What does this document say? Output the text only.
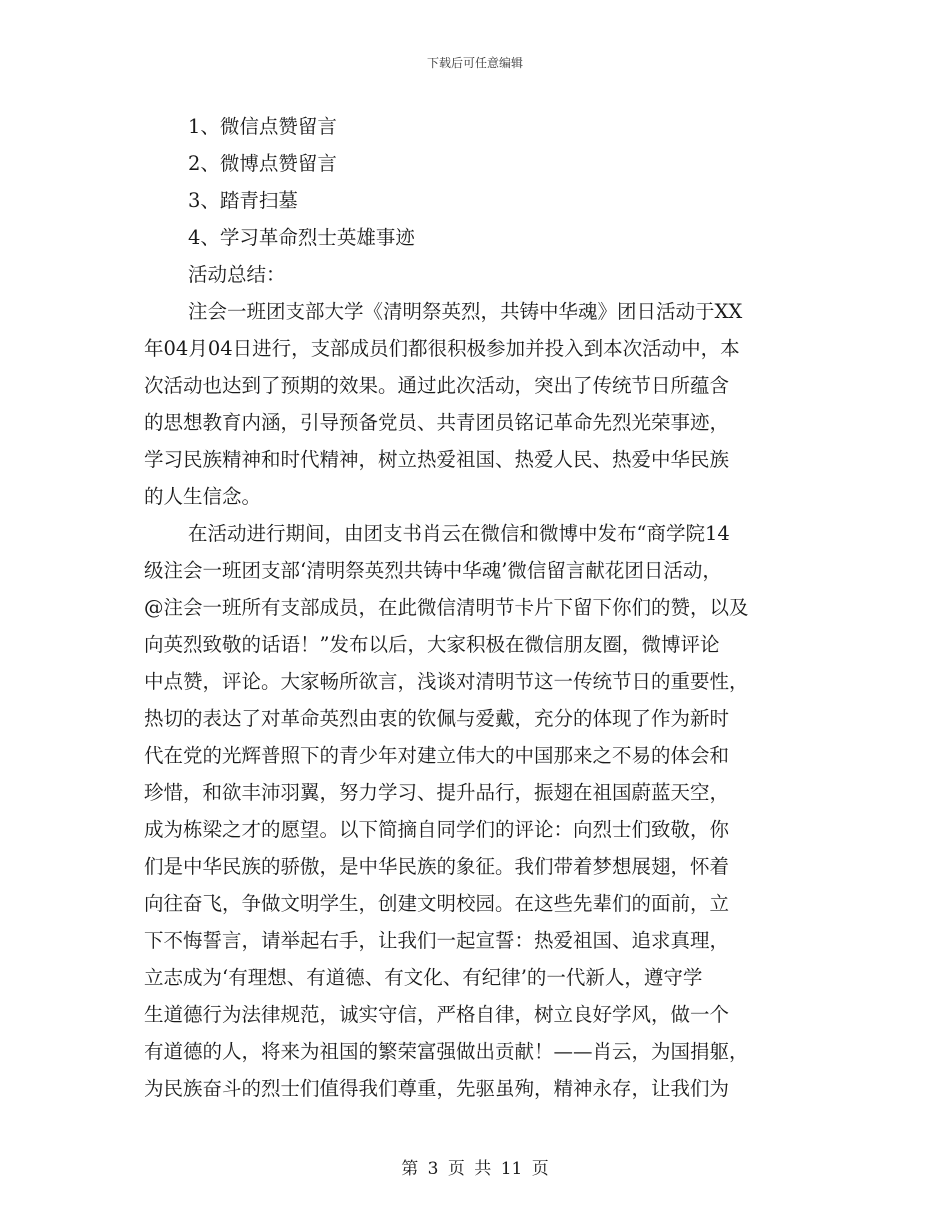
下载后可任意编辑
1、微信点赞留言
2、微博点赞留言
3、踏青扫墓
4、学习革命烈士英雄事迹
活动总结：
注会一班团支部大学《清明祭英烈，共铸中华魂》团日活动于XX
年04月04日进行，支部成员们都很积极参加并投入到本次活动中，本
次活动也达到了预期的效果。通过此次活动，突出了传统节日所蕴含
的思想教育内涵，引导预备党员、共青团员铭记革命先烈光荣事迹，
学习民族精神和时代精神，树立热爱祖国、热爱人民、热爱中华民族
的人生信念。
在活动进行期间，由团支书肖云在微信和微博中发布“商学院14
级注会一班团支部‘清明祭英烈共铸中华魂’微信留言献花团日活动，
@注会一班所有支部成员，在此微信清明节卡片下留下你们的赞，以及
向英烈致敬的话语！”发布以后，大家积极在微信朋友圈，微博评论
中点赞，评论。大家畅所欲言，浅谈对清明节这一传统节日的重要性，
热切的表达了对革命英烈由衷的钦佩与爱戴，充分的体现了作为新时
代在党的光辉普照下的青少年对建立伟大的中国那来之不易的体会和
珍惜，和欲丰沛羽翼，努力学习、提升品行，振翅在祖国蔚蓝天空，
成为栋梁之才的愿望。以下简摘自同学们的评论：向烈士们致敬，你
们是中华民族的骄傲，是中华民族的象征。我们带着梦想展翅，怀着
向往奋飞，争做文明学生，创建文明校园。在这些先辈们的面前，立
下不悔誓言，请举起右手，让我们一起宣誓：热爱祖国、追求真理，
立志成为‘有理想、有道德、有文化、有纪律’的一代新人，遵守学
生道德行为法律规范，诚实守信，严格自律，树立良好学风，做一个
有道德的人，将来为祖国的繁荣富强做出贡献！——肖云，为国捐躯，
为民族奋斗的烈士们值得我们尊重，先驱虽殉，精神永存，让我们为
第 3 页 共 11 页
